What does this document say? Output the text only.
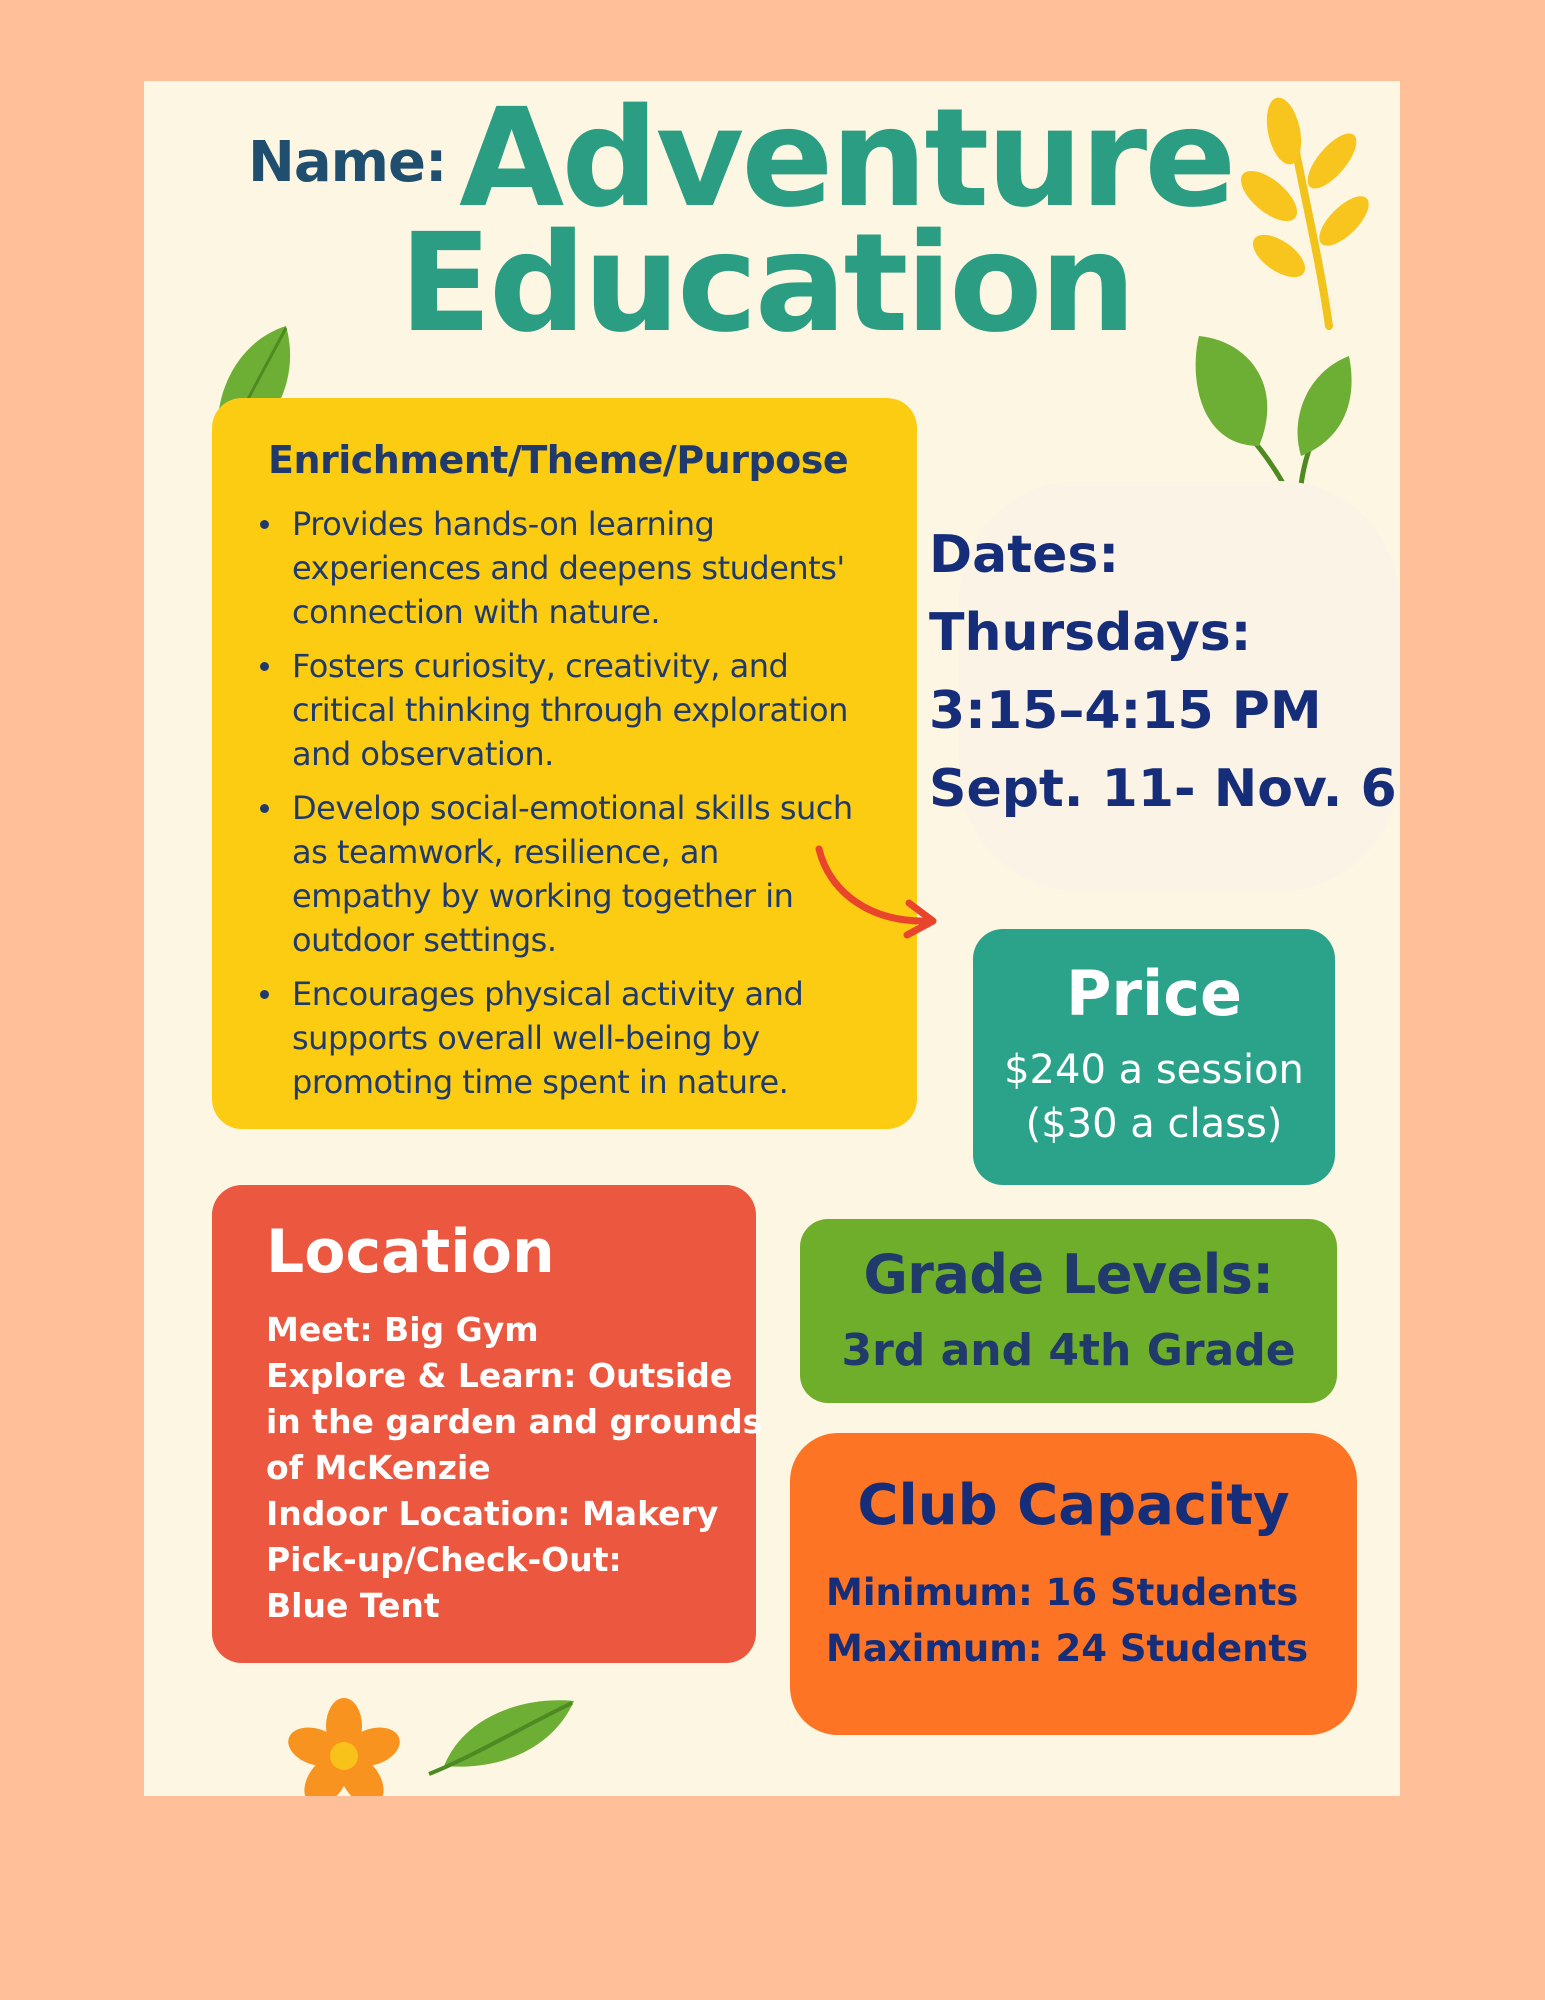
Name: Adventure
Education
Enrichment/Theme/Purpose
Provides hands-on learning experiences and deepens students' connection with nature.
Fosters curiosity, creativity, and critical thinking through exploration and observation.
Develop social-emotional skills such as teamwork, resilience, an empathy by working together in outdoor settings.
Encourages physical activity and supports overall well-being by promoting time spent in nature.
Dates:
Thursdays:
3:15–4:15 PM
Sept. 11- Nov. 6
Price
$240 a session
($30 a class)
Location
Meet: Big Gym
Explore & Learn: Outside
in the garden and grounds
of McKenzie
Indoor Location: Makery
Pick-up/Check-Out:
Blue Tent
Grade Levels:
3rd and 4th Grade
Club Capacity
Minimum: 16 Students
Maximum: 24 Students
